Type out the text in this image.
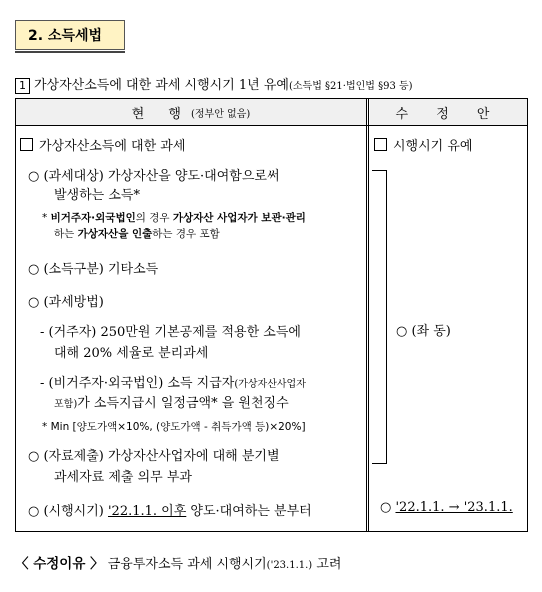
2. 소득세법
1 가상자산소득에 대한 과세 시행시기 1년 유예(소득법 §21·법인법 §93 등)
현 행 (정부안 없음)	수 정 안
가상자산소득에 대한 과세
○ (과세대상) 가상자산을 양도·대여함으로써
발생하는 소득*
* 비거주자·외국법인의 경우 가상자산 사업자가 보관·관리
하는 가상자산을 인출하는 경우 포함
○ (소득구분) 기타소득
○ (과세방법)
- (거주자) 250만원 기본공제를 적용한 소득에
대해 20% 세율로 분리과세
- (비거주자·외국법인) 소득 지급자(가상자산사업자
포함)가 소득지급시 일정금액* 을 원천징수
* Min [양도가액×10%, (양도가액 - 취득가액 등)×20%]
○ (자료제출) 가상자산사업자에 대해 분기별
과세자료 제출 의무 부과
○ (시행시기) '22.1.1. 이후 양도·대여하는 분부터
시행시기 유예
○ (좌 동)
○ '22.1.1. → '23.1.1.
〈 수정이유 〉 금융투자소득 과세 시행시기('23.1.1.) 고려
